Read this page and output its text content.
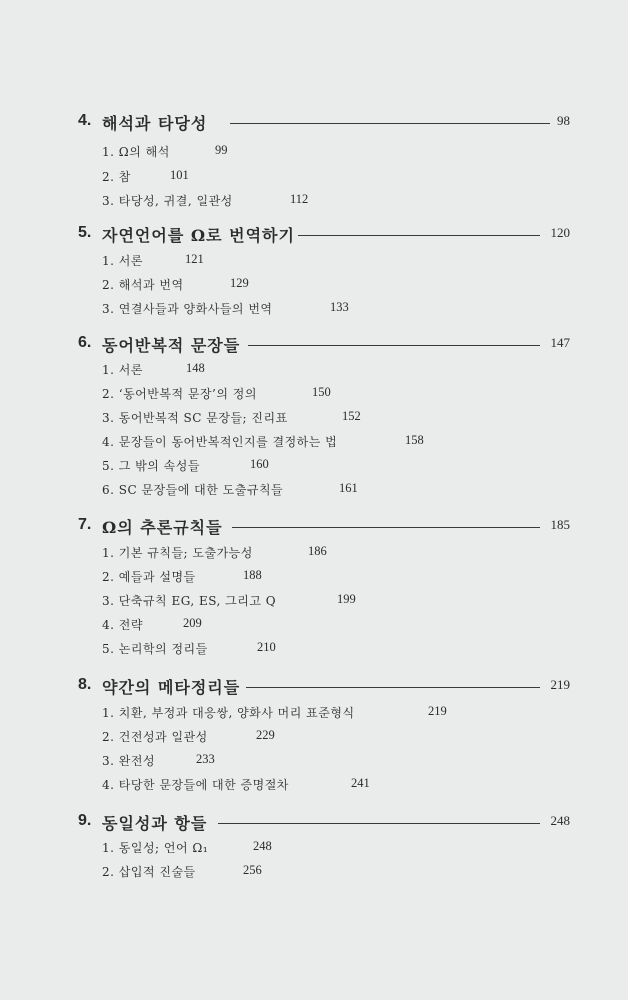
4. 해석과 타당성	98
1. Ω의 해석	99
2. 참	101
3. 타당성, 귀결, 일관성	112
5. 자연언어를 Ω로 번역하기	120
1. 서론	121
2. 해석과 번역	129
3. 연결사들과 양화사들의 번역	133
6. 동어반복적 문장들	147
1. 서론	148
2. ‘동어반복적 문장’의 정의	150
3. 동어반복적 SC 문장들; 진리표	152
4. 문장들이 동어반복적인지를 결정하는 법	158
5. 그 밖의 속성들	160
6. SC 문장들에 대한 도출규칙들	161
7. Ω의 추론규칙들	185
1. 기본 규칙들; 도출가능성	186
2. 예들과 설명들	188
3. 단축규칙 EG, ES, 그리고 Q	199
4. 전략	209
5. 논리학의 정리들	210
8. 약간의 메타정리들	219
1. 치환, 부정과 대응쌍, 양화사 머리 표준형식	219
2. 건전성과 일관성	229
3. 완전성	233
4. 타당한 문장들에 대한 증명절차	241
9. 동일성과 항들	248
1. 동일성; 언어 Ω₁	248
2. 삽입적 진술들	256
